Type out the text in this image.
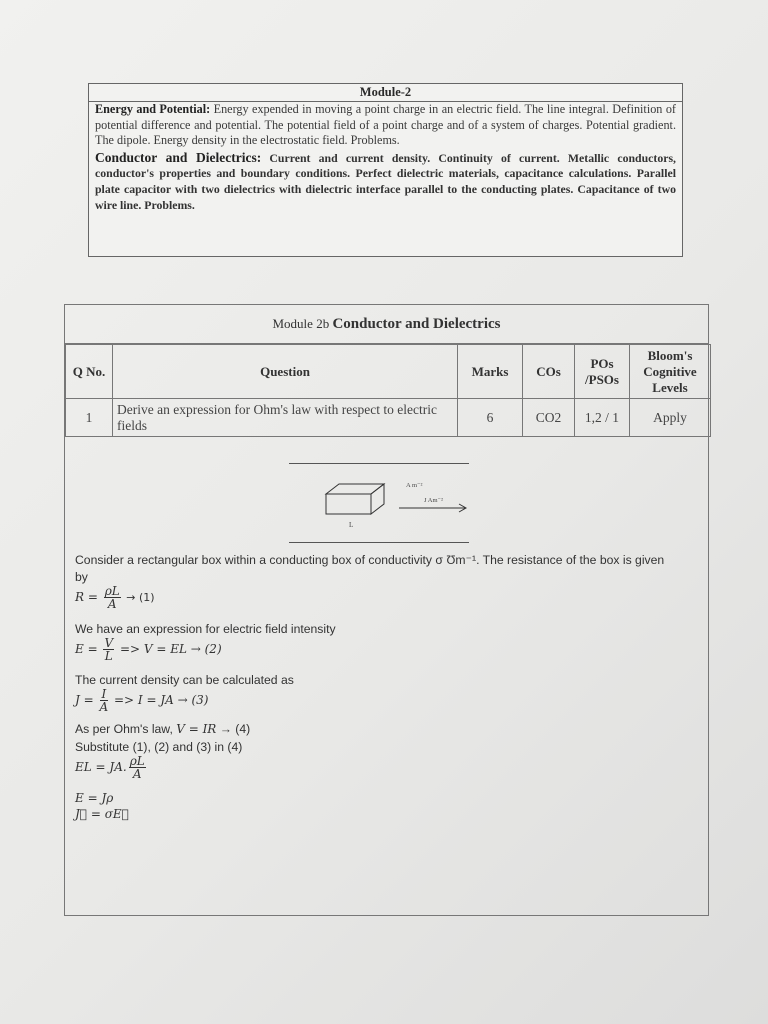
Module-2
Energy and Potential: Energy expended in moving a point charge in an electric field. The line integral. Definition of potential difference and potential. The potential field of a point charge and of a system of charges. Potential gradient. The dipole. Energy density in the electrostatic field. Problems.
Conductor and Dielectrics: Current and current density. Continuity of current. Metallic conductors, conductor's properties and boundary conditions. Perfect dielectric materials, capacitance calculations. Parallel plate capacitor with two dielectrics with dielectric interface parallel to the conducting plates. Capacitance of two wire line. Problems.
Module 2b Conductor and Dielectrics
Q No.	Question	Marks	COs	POs /PSOs	Bloom's Cognitive Levels
1	Derive an expression for Ohm's law with respect to electric fields	6	CO2	1,2 / 1	Apply
A m⁻²
J Am⁻²
L
Consider a rectangular box within a conducting box of conductivity σ Ʊm⁻¹. The resistance of the box is given
by
$R = \frac{\rho L}{A} \to (1)$
We have an expression for electric field intensity
$E = \frac{V}{L} => V$ = EL → (2)
The current density can be calculated as
$J = \frac{I}{A} => I$ = JA → (3)
As per Ohm's law, V = IR → (4)
Substitute (1), (2) and (3) in (4)
EL = JA. $\frac{\rho L}{A}$
E = Jρ
J⃗ = σE⃗
